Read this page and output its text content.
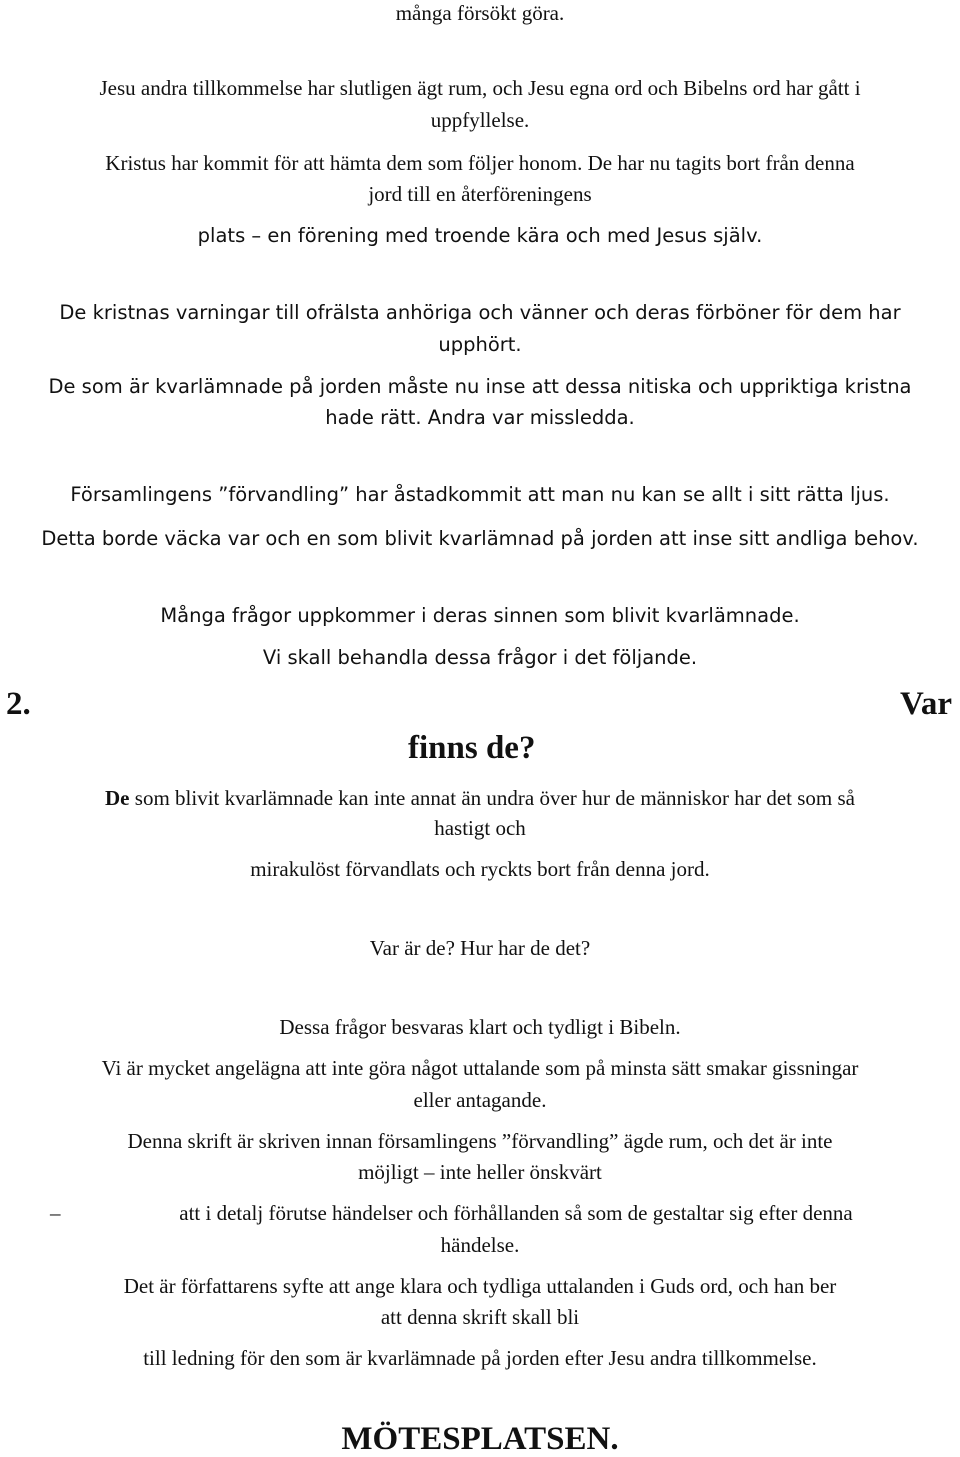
många försökt göra.
Jesu andra tillkommelse har slutligen ägt rum, och Jesu egna ord och Bibelns ord har gått i
uppfyllelse.
Kristus har kommit för att hämta dem som följer honom. De har nu tagits bort från denna
jord till en återföreningens
plats – en förening med troende kära och med Jesus själv.
De kristnas varningar till ofrälsta anhöriga och vänner och deras förböner för dem har
upphört.
De som är kvarlämnade på jorden måste nu inse att dessa nitiska och uppriktiga kristna
hade rätt. Andra var missledda.
Församlingens ”förvandling” har åstadkommit att man nu kan se allt i sitt rätta ljus.
Detta borde väcka var och en som blivit kvarlämnad på jorden att inse sitt andliga behov.
Många frågor uppkommer i deras sinnen som blivit kvarlämnade.
Vi skall behandla dessa frågor i det följande.
2.	Var
finns de?
De som blivit kvarlämnade kan inte annat än undra över hur de människor har det som så
hastigt och
mirakulöst förvandlats och ryckts bort från denna jord.
Var är de? Hur har de det?
Dessa frågor besvaras klart och tydligt i Bibeln.
Vi är mycket angelägna att inte göra något uttalande som på minsta sätt smakar gissningar
eller antagande.
Denna skrift är skriven innan församlingens ”förvandling” ägde rum, och det är inte
möjligt – inte heller önskvärt
–	att i detalj förutse händelser och förhållanden så som de gestaltar sig efter denna
händelse.
Det är författarens syfte att ange klara och tydliga uttalanden i Guds ord, och han ber
att denna skrift skall bli
till ledning för den som är kvarlämnade på jorden efter Jesu andra tillkommelse.
MÖTESPLATSEN.
